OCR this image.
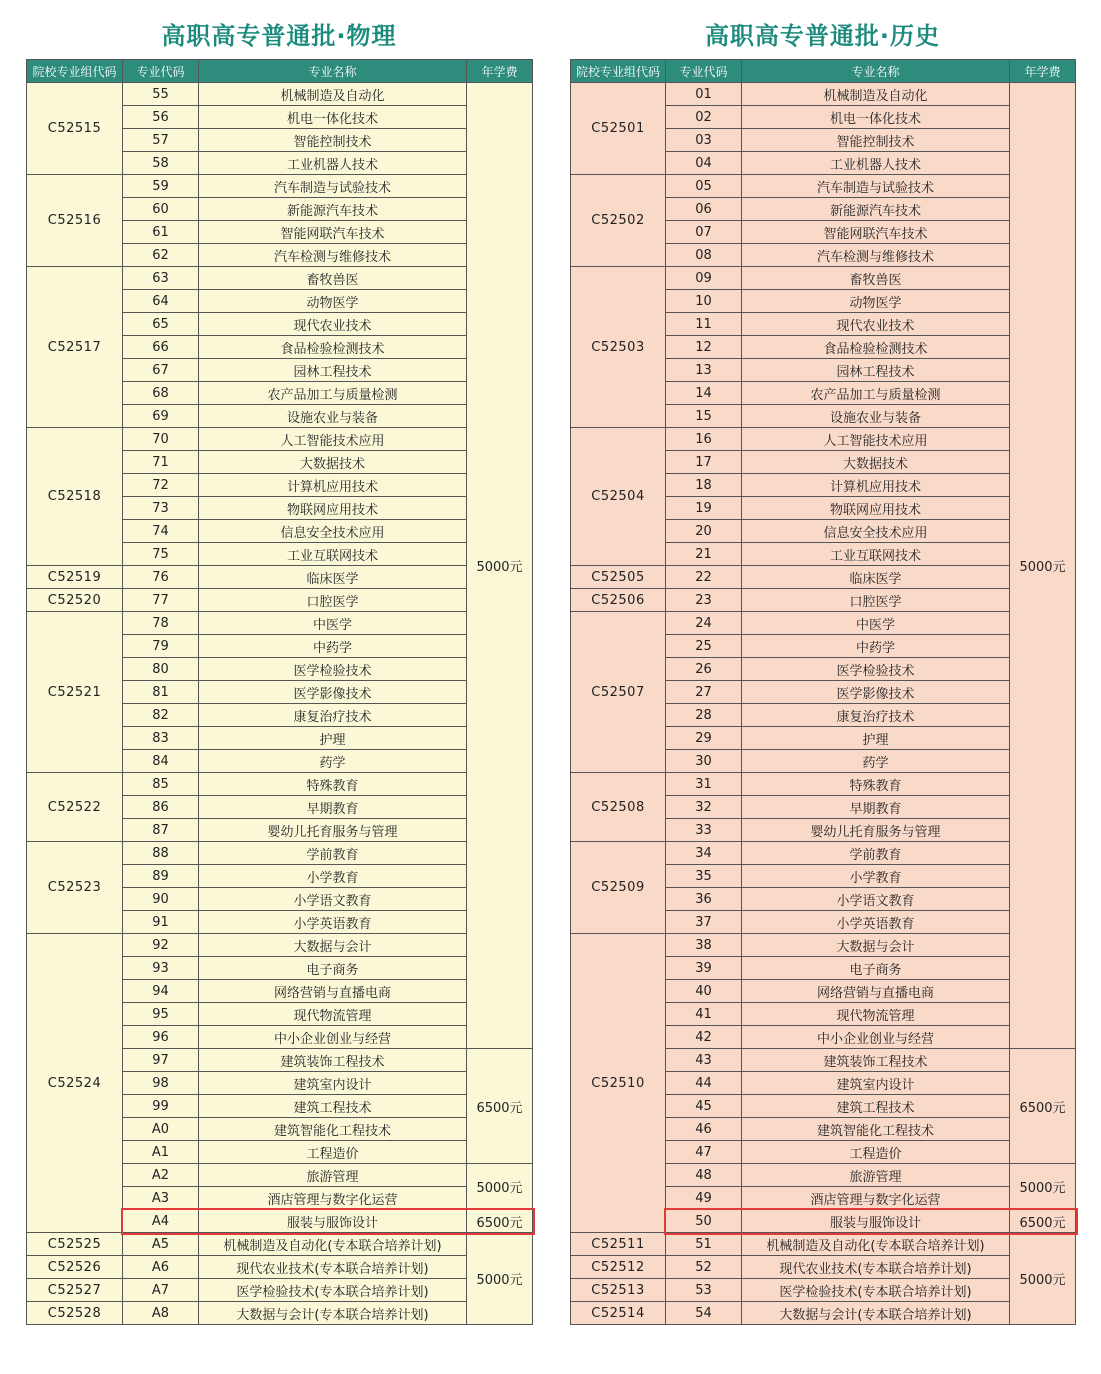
高职高专普通批·物理
院校专业组代码	专业代码	专业名称	年学费
C52515	55	机械制造及自动化	5000元
	56	机电一体化技术	
	57	智能控制技术	
	58	工业机器人技术	
C52516	59	汽车制造与试验技术	
	60	新能源汽车技术	
	61	智能网联汽车技术	
	62	汽车检测与维修技术	
C52517	63	畜牧兽医	
	64	动物医学	
	65	现代农业技术	
	66	食品检验检测技术	
	67	园林工程技术	
	68	农产品加工与质量检测	
	69	设施农业与装备	
C52518	70	人工智能技术应用	
	71	大数据技术	
	72	计算机应用技术	
	73	物联网应用技术	
	74	信息安全技术应用	
	75	工业互联网技术	
C52519	76	临床医学	
C52520	77	口腔医学	
C52521	78	中医学	
	79	中药学	
	80	医学检验技术	
	81	医学影像技术	
	82	康复治疗技术	
	83	护理	
	84	药学	
C52522	85	特殊教育	
	86	早期教育	
	87	婴幼儿托育服务与管理	
C52523	88	学前教育	
	89	小学教育	
	90	小学语文教育	
	91	小学英语教育	
C52524	92	大数据与会计	
	93	电子商务	
	94	网络营销与直播电商	
	95	现代物流管理	
	96	中小企业创业与经营	
	97	建筑装饰工程技术	6500元
	98	建筑室内设计	
	99	建筑工程技术	
	A0	建筑智能化工程技术	
	A1	工程造价	
	A2	旅游管理	5000元
	A3	酒店管理与数字化运营	
	A4	服装与服饰设计	6500元
C52525	A5	机械制造及自动化(专本联合培养计划)	5000元
C52526	A6	现代农业技术(专本联合培养计划)	
C52527	A7	医学检验技术(专本联合培养计划)	
C52528	A8	大数据与会计(专本联合培养计划)	
高职高专普通批·历史
院校专业组代码	专业代码	专业名称	年学费
C52501	01	机械制造及自动化	5000元
	02	机电一体化技术	
	03	智能控制技术	
	04	工业机器人技术	
C52502	05	汽车制造与试验技术	
	06	新能源汽车技术	
	07	智能网联汽车技术	
	08	汽车检测与维修技术	
C52503	09	畜牧兽医	
	10	动物医学	
	11	现代农业技术	
	12	食品检验检测技术	
	13	园林工程技术	
	14	农产品加工与质量检测	
	15	设施农业与装备	
C52504	16	人工智能技术应用	
	17	大数据技术	
	18	计算机应用技术	
	19	物联网应用技术	
	20	信息安全技术应用	
	21	工业互联网技术	
C52505	22	临床医学	
C52506	23	口腔医学	
C52507	24	中医学	
	25	中药学	
	26	医学检验技术	
	27	医学影像技术	
	28	康复治疗技术	
	29	护理	
	30	药学	
C52508	31	特殊教育	
	32	早期教育	
	33	婴幼儿托育服务与管理	
C52509	34	学前教育	
	35	小学教育	
	36	小学语文教育	
	37	小学英语教育	
C52510	38	大数据与会计	
	39	电子商务	
	40	网络营销与直播电商	
	41	现代物流管理	
	42	中小企业创业与经营	
	43	建筑装饰工程技术	6500元
	44	建筑室内设计	
	45	建筑工程技术	
	46	建筑智能化工程技术	
	47	工程造价	
	48	旅游管理	5000元
	49	酒店管理与数字化运营	
	50	服装与服饰设计	6500元
C52511	51	机械制造及自动化(专本联合培养计划)	5000元
C52512	52	现代农业技术(专本联合培养计划)	
C52513	53	医学检验技术(专本联合培养计划)	
C52514	54	大数据与会计(专本联合培养计划)	
